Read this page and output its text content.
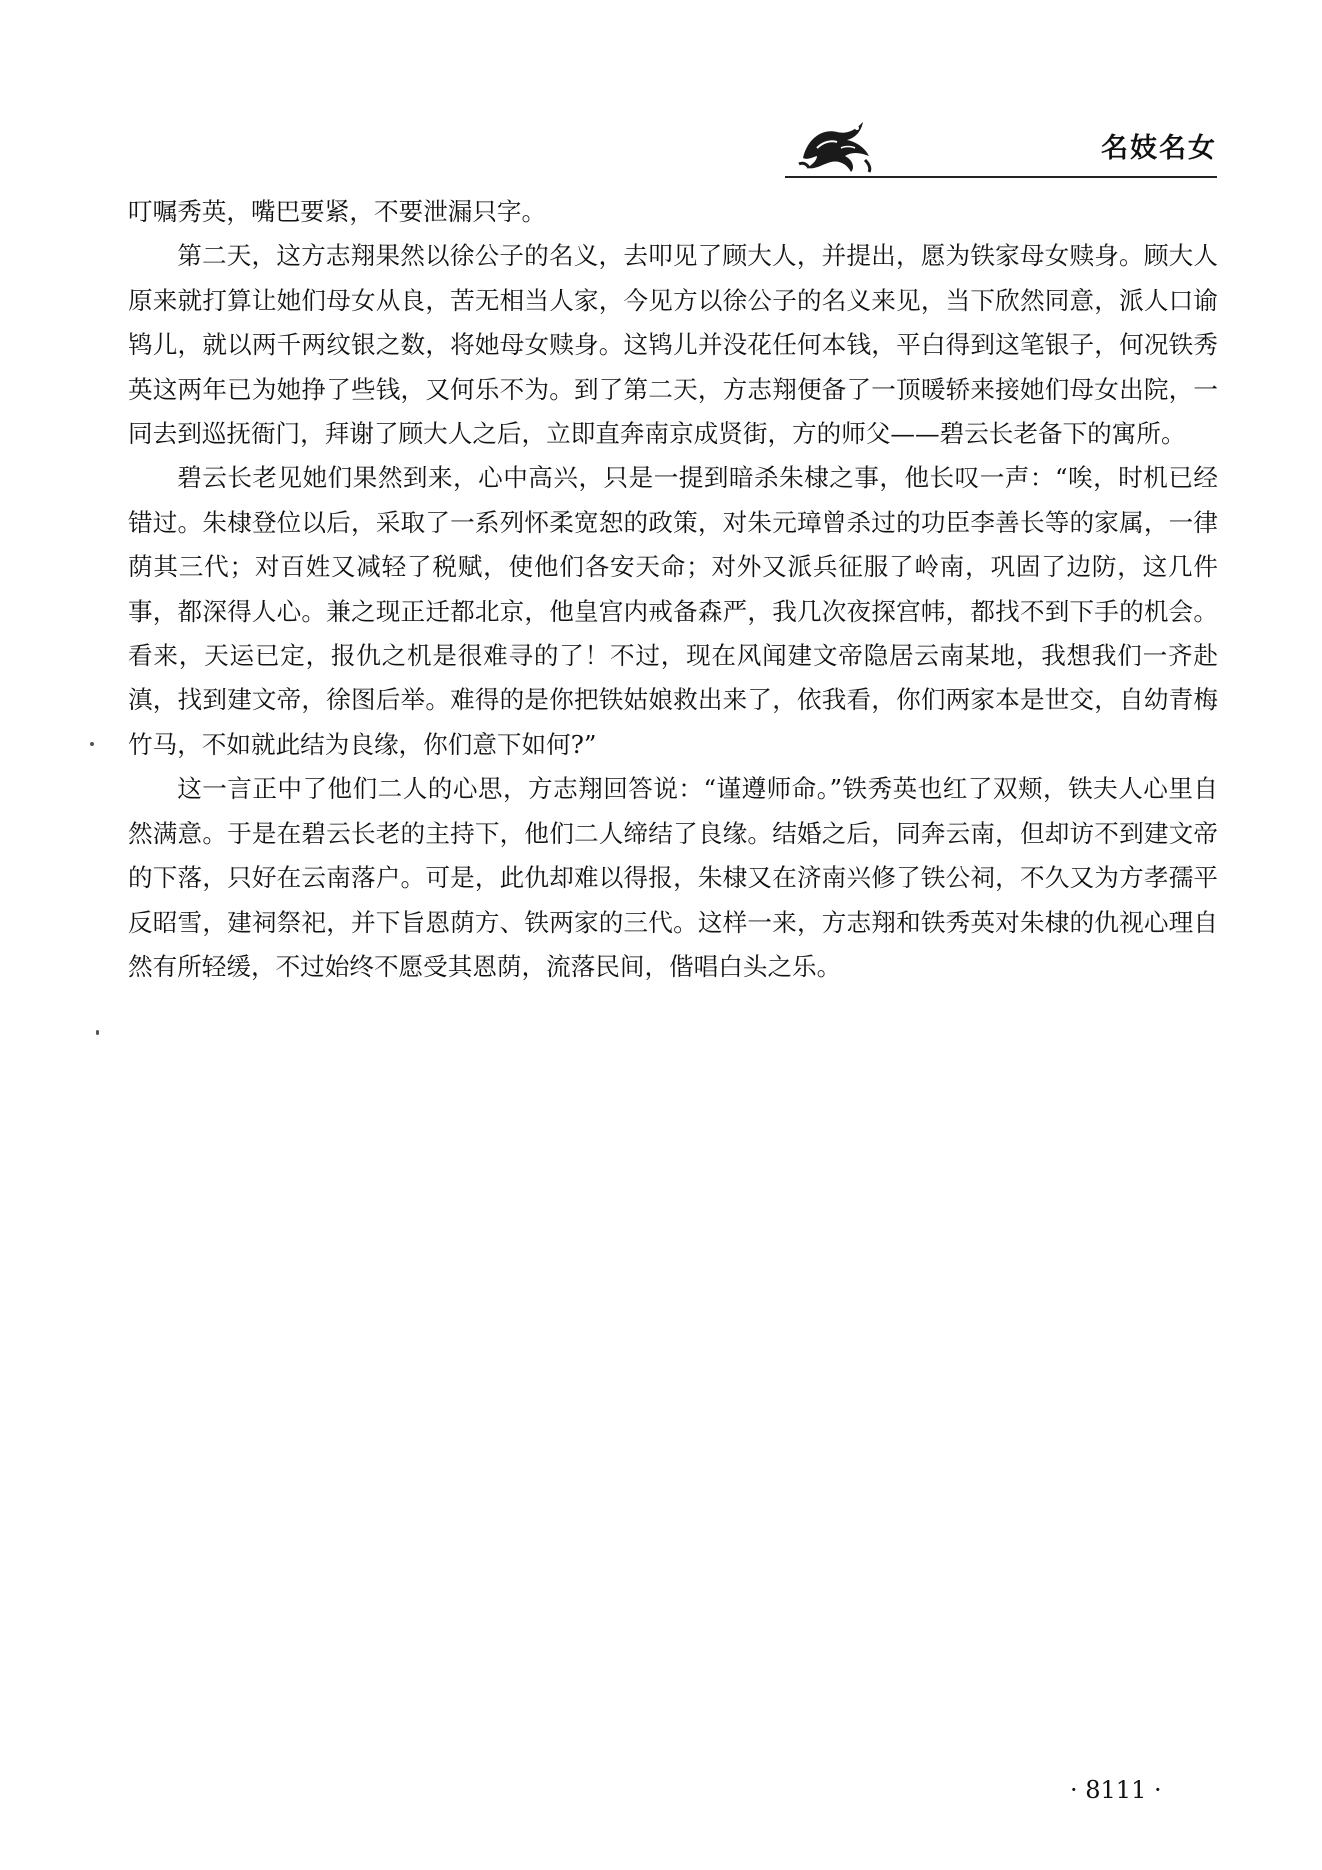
名妓名女

叮嘱秀英，嘴巴要紧，不要泄漏只字。

第二天，这方志翔果然以徐公子的名义，去叩见了顾大人，并提出，愿为铁家母女赎身。顾大人原来就打算让她们母女从良，苦无相当人家，今见方以徐公子的名义来见，当下欣然同意，派人口谕鸨儿，就以两千两纹银之数，将她母女赎身。这鸨儿并没花任何本钱，平白得到这笔银子，何况铁秀英这两年已为她挣了些钱，又何乐不为。到了第二天，方志翔便备了一顶暖轿来接她们母女出院，一同去到巡抚衙门，拜谢了顾大人之后，立即直奔南京成贤街，方的师父——碧云长老备下的寓所。

碧云长老见她们果然到来，心中高兴，只是一提到暗杀朱棣之事，他长叹一声：“唉，时机已经错过。朱棣登位以后，采取了一系列怀柔宽恕的政策，对朱元璋曾杀过的功臣李善长等的家属，一律荫其三代；对百姓又减轻了税赋，使他们各安天命；对外又派兵征服了岭南，巩固了边防，这几件事，都深得人心。兼之现正迁都北京，他皇宫内戒备森严，我几次夜探宫帏，都找不到下手的机会。看来，天运已定，报仇之机是很难寻的了！不过，现在风闻建文帝隐居云南某地，我想我们一齐赴滇，找到建文帝，徐图后举。难得的是你把铁姑娘救出来了，依我看，你们两家本是世交，自幼青梅竹马，不如就此结为良缘，你们意下如何?”

这一言正中了他们二人的心思，方志翔回答说：“谨遵师命。”铁秀英也红了双颊，铁夫人心里自然满意。于是在碧云长老的主持下，他们二人缔结了良缘。结婚之后，同奔云南，但却访不到建文帝的下落，只好在云南落户。可是，此仇却难以得报，朱棣又在济南兴修了铁公祠，不久又为方孝孺平反昭雪，建祠祭祀，并下旨恩荫方、铁两家的三代。这样一来，方志翔和铁秀英对朱棣的仇视心理自然有所轻缓，不过始终不愿受其恩荫，流落民间，偕唱白头之乐。

· 8111 ·
